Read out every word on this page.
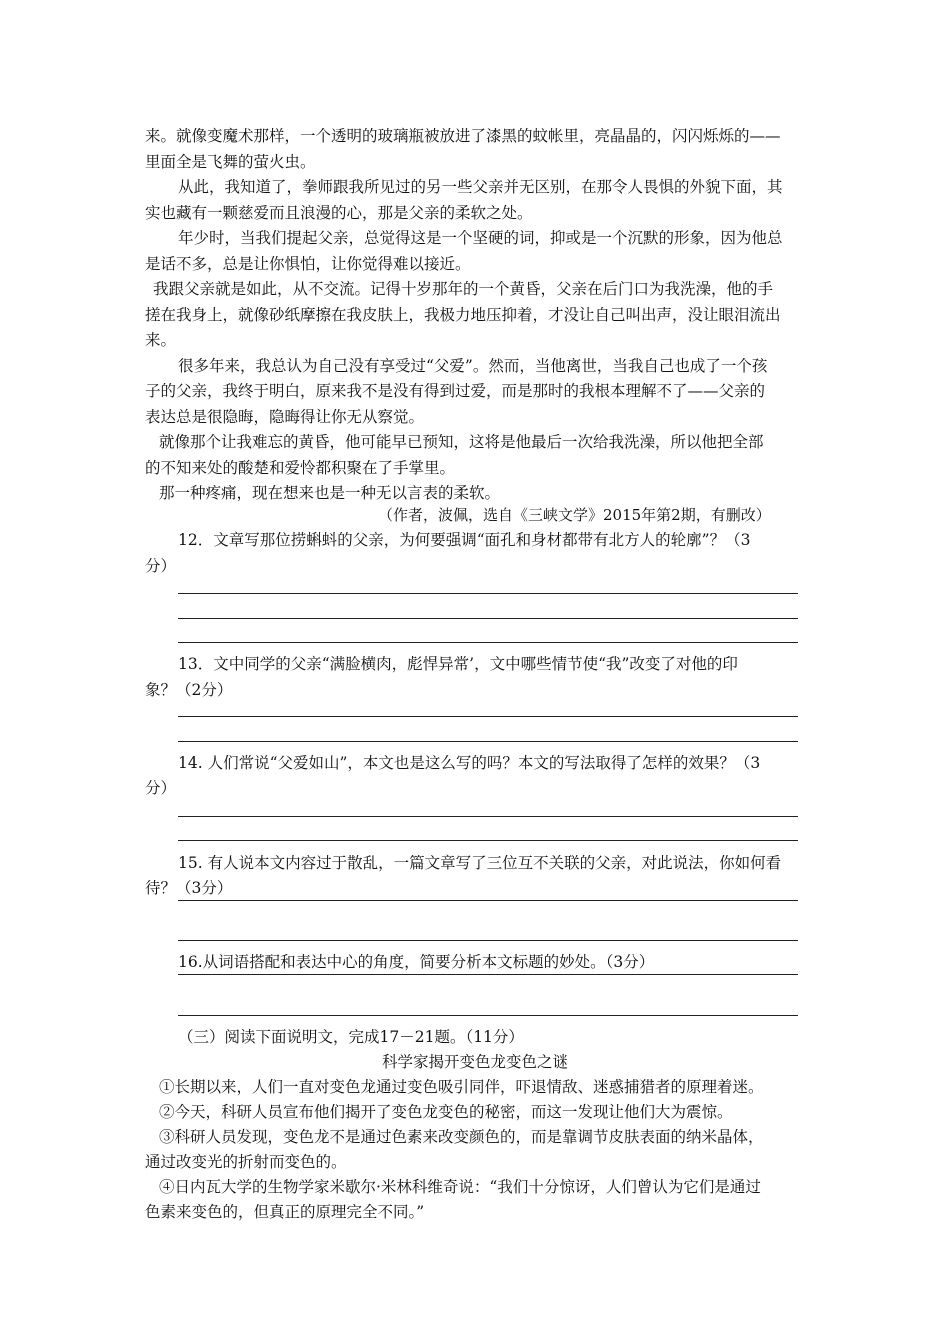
来。就像变魔术那样，一个透明的玻璃瓶被放进了漆黑的蚊帐里，亮晶晶的，闪闪烁烁的——
里面全是飞舞的萤火虫。
从此，我知道了，拳师跟我所见过的另一些父亲并无区别，在那令人畏惧的外貌下面，其
实也藏有一颗慈爱而且浪漫的心，那是父亲的柔软之处。
年少时，当我们提起父亲，总觉得这是一个坚硬的词，抑或是一个沉默的形象，因为他总
是话不多，总是让你惧怕，让你觉得难以接近。
我跟父亲就是如此，从不交流。记得十岁那年的一个黄昏，父亲在后门口为我洗澡，他的手
搓在我身上，就像砂纸摩擦在我皮肤上，我极力地压抑着，才没让自己叫出声，没让眼泪流出
来。
很多年来，我总认为自己没有享受过“父爱”。然而，当他离世，当我自己也成了一个孩
子的父亲，我终于明白，原来我不是没有得到过爱，而是那时的我根本理解不了——父亲的
表达总是很隐晦，隐晦得让你无从察觉。
就像那个让我难忘的黄昏，他可能早已预知，这将是他最后一次给我洗澡，所以他把全部
的不知来处的酸楚和爱怜都积聚在了手掌里。
那一种疼痛，现在想来也是一种无以言表的柔软。
（作者，波佩，选自《三峡文学》2015年第2期，有删改）
12．文章写那位捞蝌蚪的父亲，为何要强调“面孔和身材都带有北方人的轮廓”？（3
分）
13．文中同学的父亲“满脸横肉，彪悍异常’，文中哪些情节使“我”改变了对他的印
象？（2分）
14. 人们常说“父爱如山”，本文也是这么写的吗？本文的写法取得了怎样的效果？（3
分）
15. 有人说本文内容过于散乱，一篇文章写了三位互不关联的父亲，对此说法，你如何看
待？（3分）
16.从词语搭配和表达中心的角度，简要分析本文标题的妙处。（3分）
（三）阅读下面说明文，完成17－21题。（11分）
科学家揭开变色龙变色之谜
①长期以来，人们一直对变色龙通过变色吸引同伴，吓退情敌、迷惑捕猎者的原理着迷。
②今天，科研人员宣布他们揭开了变色龙变色的秘密，而这一发现让他们大为震惊。
③科研人员发现，变色龙不是通过色素来改变颜色的，而是靠调节皮肤表面的纳米晶体，
通过改变光的折射而变色的。
④日内瓦大学的生物学家米歇尔·米林科维奇说：“我们十分惊讶，人们曾认为它们是通过
色素来变色的，但真正的原理完全不同。”
